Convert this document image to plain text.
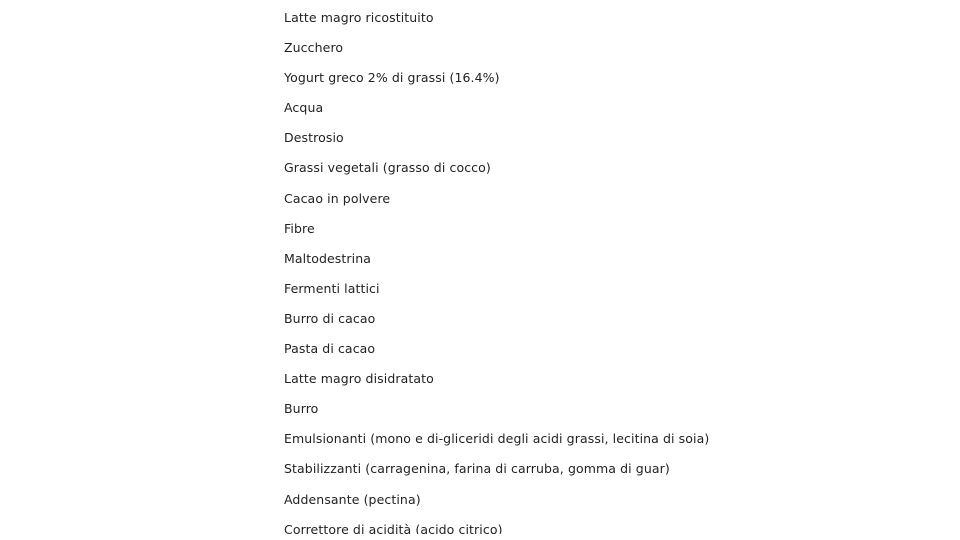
Latte magro ricostituito
Zucchero
Yogurt greco 2% di grassi (16.4%)
Acqua
Destrosio
Grassi vegetali (grasso di cocco)
Cacao in polvere
Fibre
Maltodestrina
Fermenti lattici
Burro di cacao
Pasta di cacao
Latte magro disidratato
Burro
Emulsionanti (mono e di-gliceridi degli acidi grassi, lecitina di soia)
Stabilizzanti (carragenina, farina di carruba, gomma di guar)
Addensante (pectina)
Correttore di acidità (acido citrico)
